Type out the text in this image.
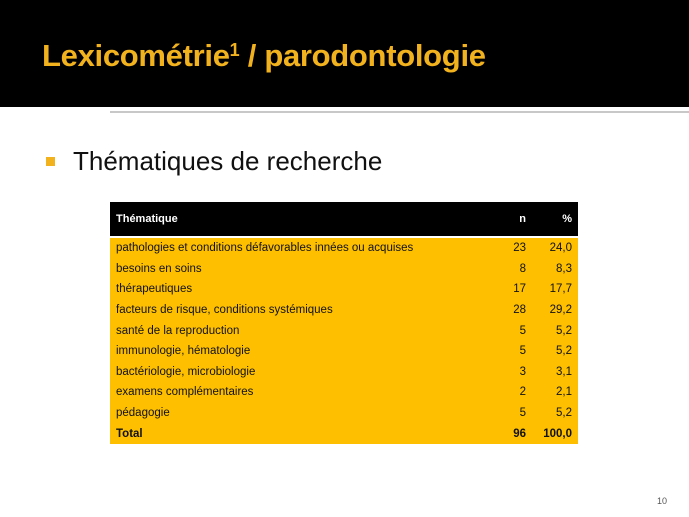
Lexicométrie$^1$ / parodontologie
Thématiques de recherche
Thématique	n	%
pathologies et conditions défavorables innées ou acquises	23	24,0
besoins en soins	8	8,3
thérapeutiques	17	17,7
facteurs de risque, conditions systémiques	28	29,2
santé de la reproduction	5	5,2
immunologie, hématologie	5	5,2
bactériologie, microbiologie	3	3,1
examens complémentaires	2	2,1
pédagogie	5	5,2
Total	96	100,0
10
